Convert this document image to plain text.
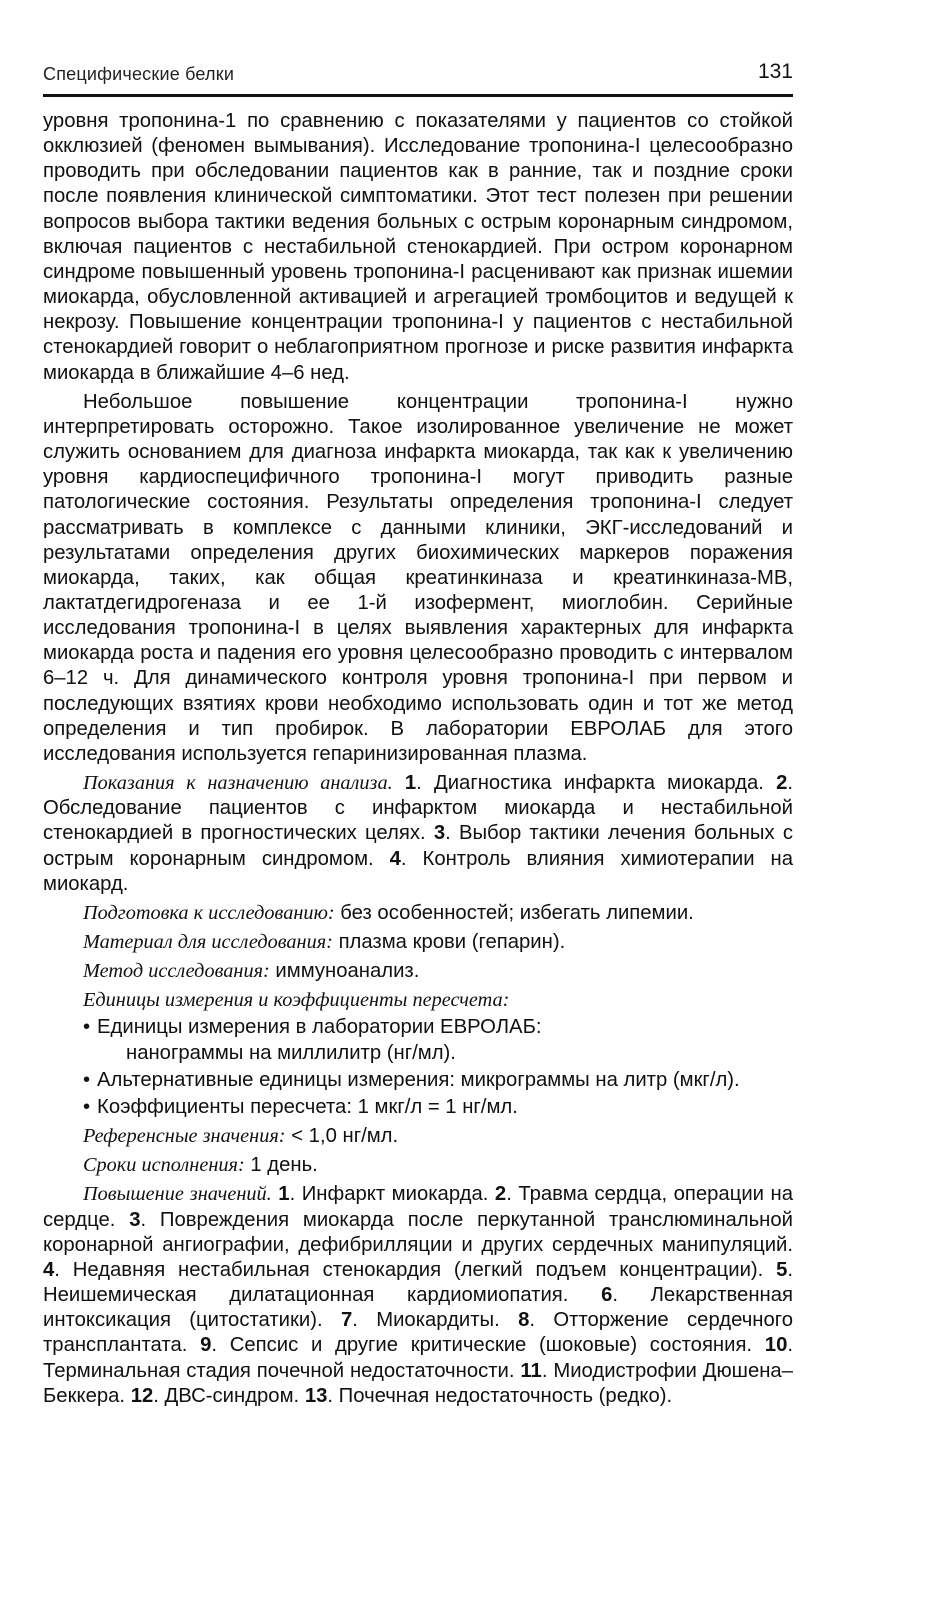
Специфические белки	131

уровня тропонина-1 по сравнению с показателями у пациентов со стойкой окклюзией (феномен вымывания). Исследование тропонина-I целесообразно проводить при обследовании пациентов как в ранние, так и поздние сроки после появления клинической симптоматики. Этот тест полезен при решении вопросов выбора тактики ведения больных с острым коронарным синдромом, включая пациентов с нестабильной стенокардией. При остром коронарном синдроме повышенный уровень тропонина-I расценивают как признак ишемии миокарда, обусловленной активацией и агрегацией тромбоцитов и ведущей к некрозу. Повышение концентрации тропонина-I у пациентов с нестабильной стенокардией говорит о неблагоприятном прогнозе и риске развития инфаркта миокарда в ближайшие 4–6 нед.

Небольшое повышение концентрации тропонина-I нужно интерпретировать осторожно. Такое изолированное увеличение не может служить основанием для диагноза инфаркта миокарда, так как к увеличению уровня кардиоспецифичного тропонина-I могут приводить разные патологические состояния. Результаты определения тропонина-I следует рассматривать в комплексе с данными клиники, ЭКГ-исследований и результатами определения других биохимических маркеров поражения миокарда, таких, как общая креатинкиназа и креатинкиназа-MB, лактатдегидрогеназа и ее 1-й изофермент, миоглобин. Серийные исследования тропонина-I в целях выявления характерных для инфаркта миокарда роста и падения его уровня целесообразно проводить с интервалом 6–12 ч. Для динамического контроля уровня тропонина-I при первом и последующих взятиях крови необходимо использовать один и тот же метод определения и тип пробирок. В лаборатории ЕВРОЛАБ для этого исследования используется гепаринизированная плазма.

Показания к назначению анализа. 1. Диагностика инфаркта миокарда. 2. Обследование пациентов с инфарктом миокарда и нестабильной стенокардией в прогностических целях. 3. Выбор тактики лечения больных с острым коронарным синдромом. 4. Контроль влияния химиотерапии на миокард.

Подготовка к исследованию: без особенностей; избегать липемии.

Материал для исследования: плазма крови (гепарин).

Метод исследования: иммуноанализ.

Единицы измерения и коэффициенты пересчета:

• Единицы измерения в лаборатории ЕВРОЛАБ:

нанограммы на миллилитр (нг/мл).

• Альтернативные единицы измерения: микрограммы на литр (мкг/л).

• Коэффициенты пересчета: 1 мкг/л = 1 нг/мл.

Референсные значения: < 1,0 нг/мл.

Сроки исполнения: 1 день.

Повышение значений. 1. Инфаркт миокарда. 2. Травма сердца, операции на сердце. 3. Повреждения миокарда после перкутанной транслюминальной коронарной ангиографии, дефибрилляции и других сердечных манипуляций. 4. Недавняя нестабильная стенокардия (легкий подъем концентрации). 5. Неишемическая дилатационная кардиомиопатия. 6. Лекарственная интоксикация (цитостатики). 7. Миокардиты. 8. Отторжение сердечного трансплантата. 9. Сепсис и другие критические (шоковые) состояния. 10. Терминальная стадия почечной недостаточности. 11. Миодистрофии Дюшена–Беккера. 12. ДВС-синдром. 13. Почечная недостаточность (редко).
